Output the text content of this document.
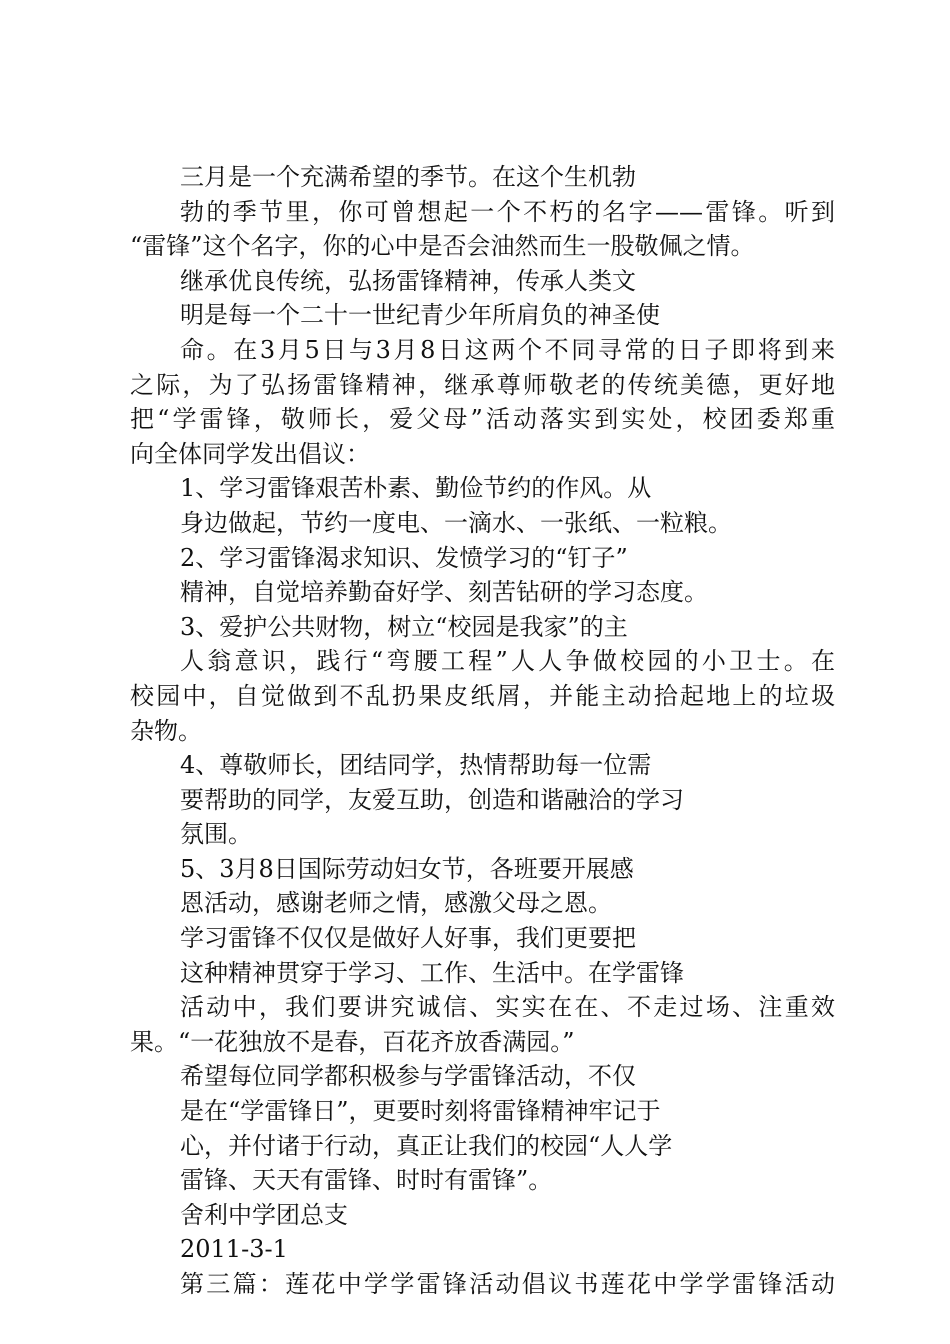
三月是一个充满希望的季节。在这个生机勃
勃的季节里，你可曾想起一个不朽的名字——雷锋。听到
“雷锋”这个名字，你的心中是否会油然而生一股敬佩之情。
继承优良传统，弘扬雷锋精神，传承人类文
明是每一个二十一世纪青少年所肩负的神圣使
命。在3月5日与3月8日这两个不同寻常的日子即将到来
之际，为了弘扬雷锋精神，继承尊师敬老的传统美德，更好地
把“学雷锋，敬师长，爱父母”活动落实到实处，校团委郑重
向全体同学发出倡议：
1、学习雷锋艰苦朴素、勤俭节约的作风。从
身边做起，节约一度电、一滴水、一张纸、一粒粮。
2、学习雷锋渴求知识、发愤学习的“钉子”
精神，自觉培养勤奋好学、刻苦钻研的学习态度。
3、爱护公共财物，树立“校园是我家”的主
人翁意识，践行“弯腰工程”人人争做校园的小卫士。在
校园中，自觉做到不乱扔果皮纸屑，并能主动拾起地上的垃圾
杂物。
4、尊敬师长，团结同学，热情帮助每一位需
要帮助的同学，友爱互助，创造和谐融洽的学习
氛围。
5、3月8日国际劳动妇女节，各班要开展感
恩活动，感谢老师之情，感激父母之恩。
学习雷锋不仅仅是做好人好事，我们更要把
这种精神贯穿于学习、工作、生活中。在学雷锋
活动中，我们要讲究诚信、实实在在、不走过场、注重效
果。“一花独放不是春，百花齐放香满园。”
希望每位同学都积极参与学雷锋活动，不仅
是在“学雷锋日”，更要时刻将雷锋精神牢记于
心，并付诸于行动，真正让我们的校园“人人学
雷锋、天天有雷锋、时时有雷锋”。
舍利中学团总支
2011-3-1
第三篇：莲花中学学雷锋活动倡议书莲花中学学雷锋活动
